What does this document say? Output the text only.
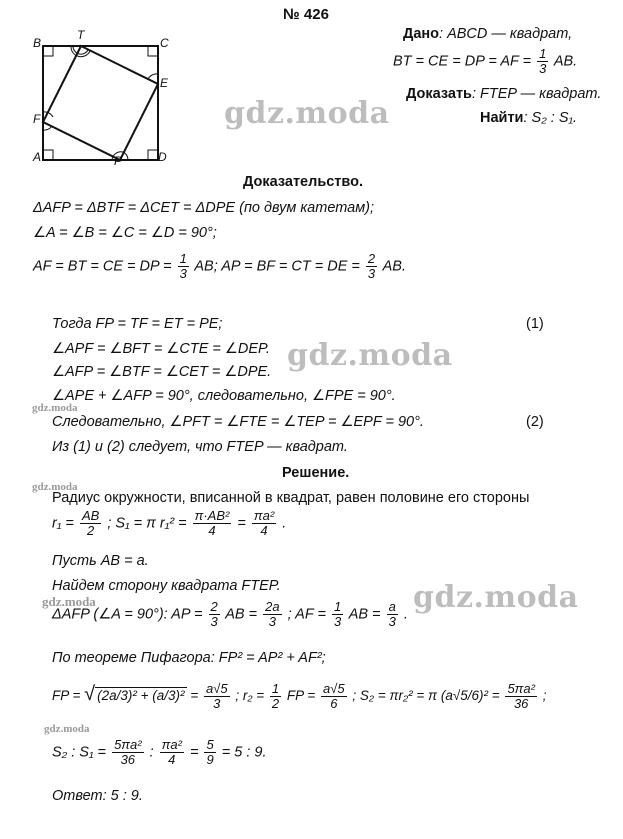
№ 426
B
T
C
E
F
A	P	D
Дано: ABCD — квадрат,
BT = CE = DP = AF = $\frac{1}{3}$ AB.
Доказать: FTEP — квадрат.
Найти: S₂ : S₁.
gdz.moda
gdz.moda
gdz.moda
gdz.moda
gdz.moda
gdz.moda
gdz.moda
Доказательство.
ΔAFP = ΔBTF = ΔCET = ΔDPE (по двум катетам);
∠A = ∠B = ∠C = ∠D = 90°;
AF = BT = CE = DP = $\frac{1}{3}$ AB; AP = BF = CT = DE = $\frac{2}{3}$ AB.
Тогда FP = TF = ET = PE;	(1)
∠APF = ∠BFT = ∠CTE = ∠DEP.
∠AFP = ∠BTF = ∠CET = ∠DPE.
∠APE + ∠AFP = 90°, следовательно, ∠FPE = 90°.
Следовательно, ∠PFT = ∠FTE = ∠TEP = ∠EPF = 90°.	(2)
Из (1) и (2) следует, что FTEP — квадрат.
Решение.
Радиус окружности, вписанной в квадрат, равен половине его стороны
$r_1 = \frac{AB}{2}$ ; S₁ = π $r_1^2 = \frac{\text{π·AB²}}{4} = \frac{\text{πa²}}{4}$ .
Пусть AB = a.
Найдем сторону квадрата FTEP.
ΔAFP (∠A = 90°): AP = $\frac{2}{3}$ AB = $\frac{2a}{3}$ ; AF = $\frac{1}{3}$ AB = $\frac{a}{3}$ .
По теореме Пифагора: FP² = AP² + AF²;
FP = √ $(2a/3)^2 + (a/3)^2 = \frac{a√5}{3}$ ; $r_2 = \frac{1}{2}$ FP = $\frac{a√5}{6}$ ; S₂ = πr₂² = π $(a√5/6)^2 = \frac{\text{5πa²}}{36}$ ;
S₂ : $S_1 = \frac{\text{5πa²}}{36}$ : $\frac{\text{πa²}}{4} = \frac{5}{9} = 5$ : 9.
Ответ: 5 : 9.
